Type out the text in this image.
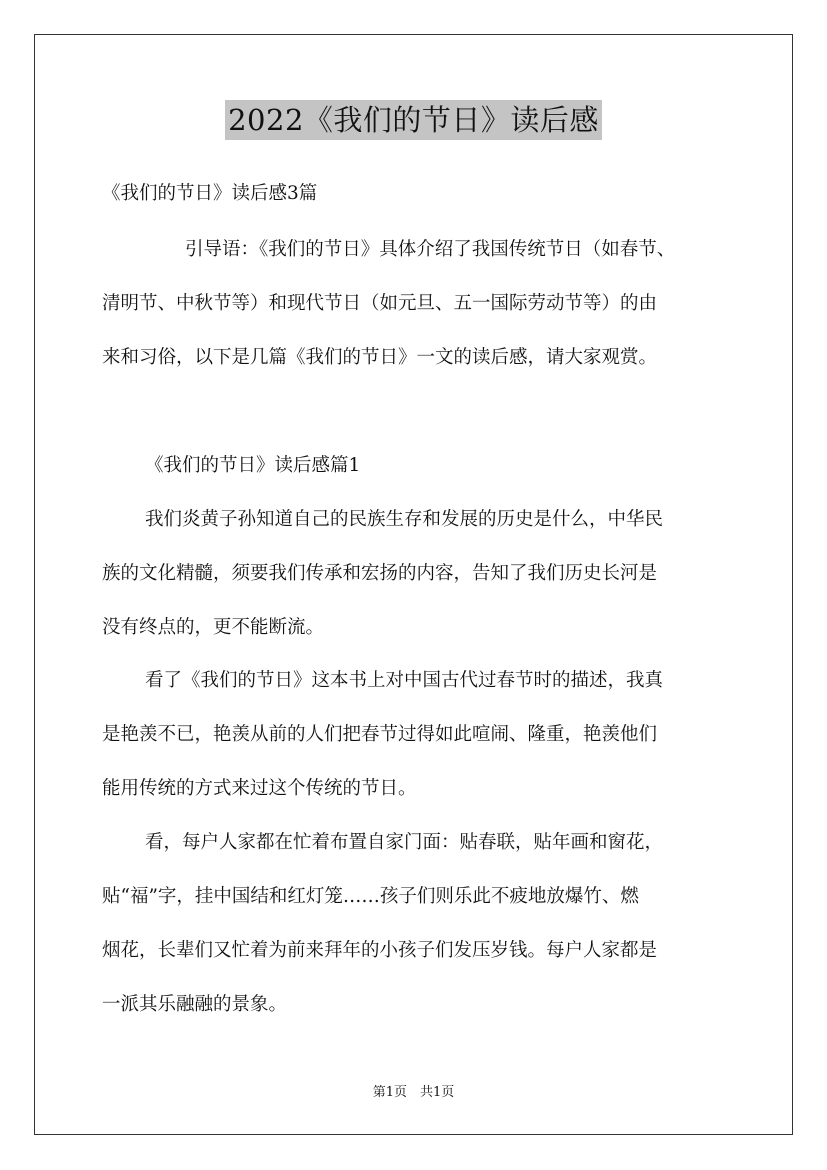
2022《我们的节日》读后感
《我们的节日》读后感3篇
引导语：《我们的节日》具体介绍了我国传统节日（如春节、
清明节、中秋节等）和现代节日（如元旦、五一国际劳动节等）的由
来和习俗，以下是几篇《我们的节日》一文的读后感，请大家观赏。
《我们的节日》读后感篇1
我们炎黄子孙知道自己的民族生存和发展的历史是什么，中华民
族的文化精髓，须要我们传承和宏扬的内容，告知了我们历史长河是
没有终点的，更不能断流。
看了《我们的节日》这本书上对中国古代过春节时的描述，我真
是艳羡不已，艳羡从前的人们把春节过得如此喧闹、隆重，艳羡他们
能用传统的方式来过这个传统的节日。
看，每户人家都在忙着布置自家门面：贴春联，贴年画和窗花，
贴“福”字，挂中国结和红灯笼……孩子们则乐此不疲地放爆竹、燃
烟花，长辈们又忙着为前来拜年的小孩子们发压岁钱。每户人家都是
一派其乐融融的景象。
第1页　共1页
